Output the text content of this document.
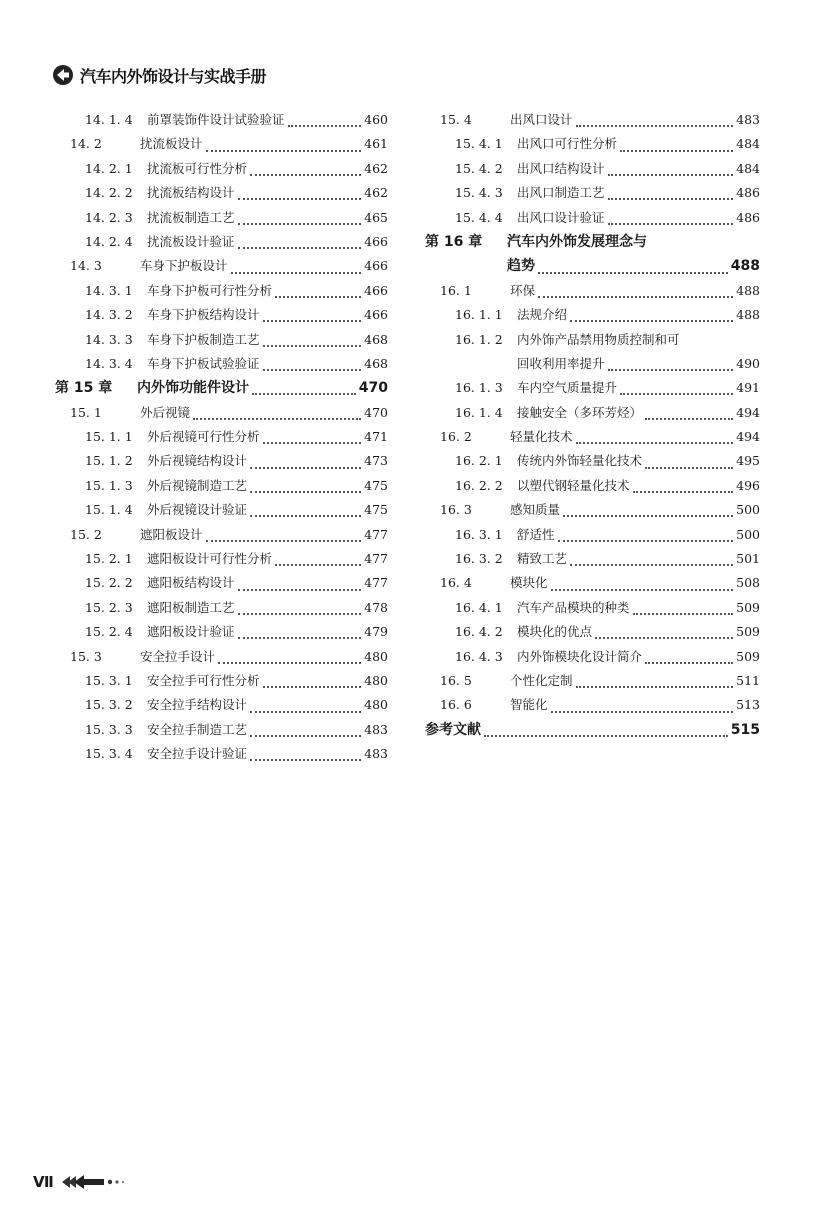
汽车内外饰设计与实战手册
14. 1. 4	前罩装饰件设计试验验证	460
14. 2	扰流板设计	461
14. 2. 1	扰流板可行性分析	462
14. 2. 2	扰流板结构设计	462
14. 2. 3	扰流板制造工艺	465
14. 2. 4	扰流板设计验证	466
14. 3	车身下护板设计	466
14. 3. 1	车身下护板可行性分析	466
14. 3. 2	车身下护板结构设计	466
14. 3. 3	车身下护板制造工艺	468
14. 3. 4	车身下护板试验验证	468
第 15 章	内外饰功能件设计	470
15. 1	外后视镜	470
15. 1. 1	外后视镜可行性分析	471
15. 1. 2	外后视镜结构设计	473
15. 1. 3	外后视镜制造工艺	475
15. 1. 4	外后视镜设计验证	475
15. 2	遮阳板设计	477
15. 2. 1	遮阳板设计可行性分析	477
15. 2. 2	遮阳板结构设计	477
15. 2. 3	遮阳板制造工艺	478
15. 2. 4	遮阳板设计验证	479
15. 3	安全拉手设计	480
15. 3. 1	安全拉手可行性分析	480
15. 3. 2	安全拉手结构设计	480
15. 3. 3	安全拉手制造工艺	483
15. 3. 4	安全拉手设计验证	483
15. 4	出风口设计	483
15. 4. 1	出风口可行性分析	484
15. 4. 2	出风口结构设计	484
15. 4. 3	出风口制造工艺	486
15. 4. 4	出风口设计验证	486
第 16 章	汽车内外饰发展理念与
趋势	488
16. 1	环保	488
16. 1. 1	法规介绍	488
16. 1. 2	内外饰产品禁用物质控制和可
回收利用率提升	490
16. 1. 3	车内空气质量提升	491
16. 1. 4	接触安全（多环芳烃）	494
16. 2	轻量化技术	494
16. 2. 1	传统内外饰轻量化技术	495
16. 2. 2	以塑代钢轻量化技术	496
16. 3	感知质量	500
16. 3. 1	舒适性	500
16. 3. 2	精致工艺	501
16. 4	模块化	508
16. 4. 1	汽车产品模块的种类	509
16. 4. 2	模块化的优点	509
16. 4. 3	内外饰模块化设计简介	509
16. 5	个性化定制	511
16. 6	智能化	513
参考文献	515
Ⅶ
